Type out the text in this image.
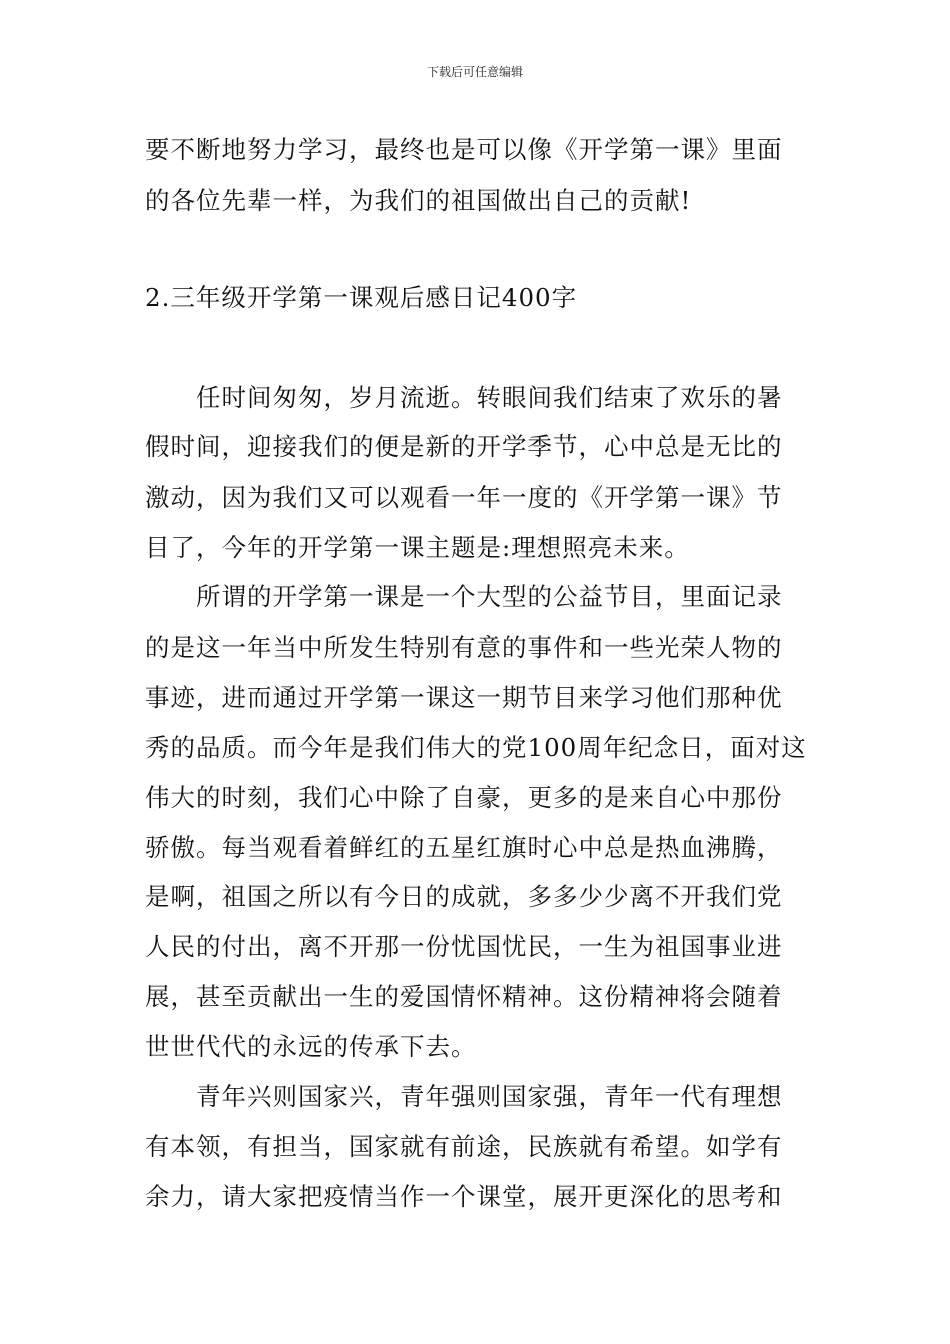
下载后可任意编辑
要不断地努力学习，最终也是可以像《开学第一课》里面
的各位先辈一样，为我们的祖国做出自己的贡献!
2.三年级开学第一课观后感日记400字
任时间匆匆，岁月流逝。转眼间我们结束了欢乐的暑
假时间，迎接我们的便是新的开学季节，心中总是无比的
激动，因为我们又可以观看一年一度的《开学第一课》节
目了，今年的开学第一课主题是:理想照亮未来。
所谓的开学第一课是一个大型的公益节目，里面记录
的是这一年当中所发生特别有意的事件和一些光荣人物的
事迹，进而通过开学第一课这一期节目来学习他们那种优
秀的品质。而今年是我们伟大的党100周年纪念日，面对这
伟大的时刻，我们心中除了自豪，更多的是来自心中那份
骄傲。每当观看着鲜红的五星红旗时心中总是热血沸腾，
是啊，祖国之所以有今日的成就，多多少少离不开我们党
人民的付出，离不开那一份忧国忧民，一生为祖国事业进
展，甚至贡献出一生的爱国情怀精神。这份精神将会随着
世世代代的永远的传承下去。
青年兴则国家兴，青年强则国家强，青年一代有理想
有本领，有担当，国家就有前途，民族就有希望。如学有
余力，请大家把疫情当作一个课堂，展开更深化的思考和
